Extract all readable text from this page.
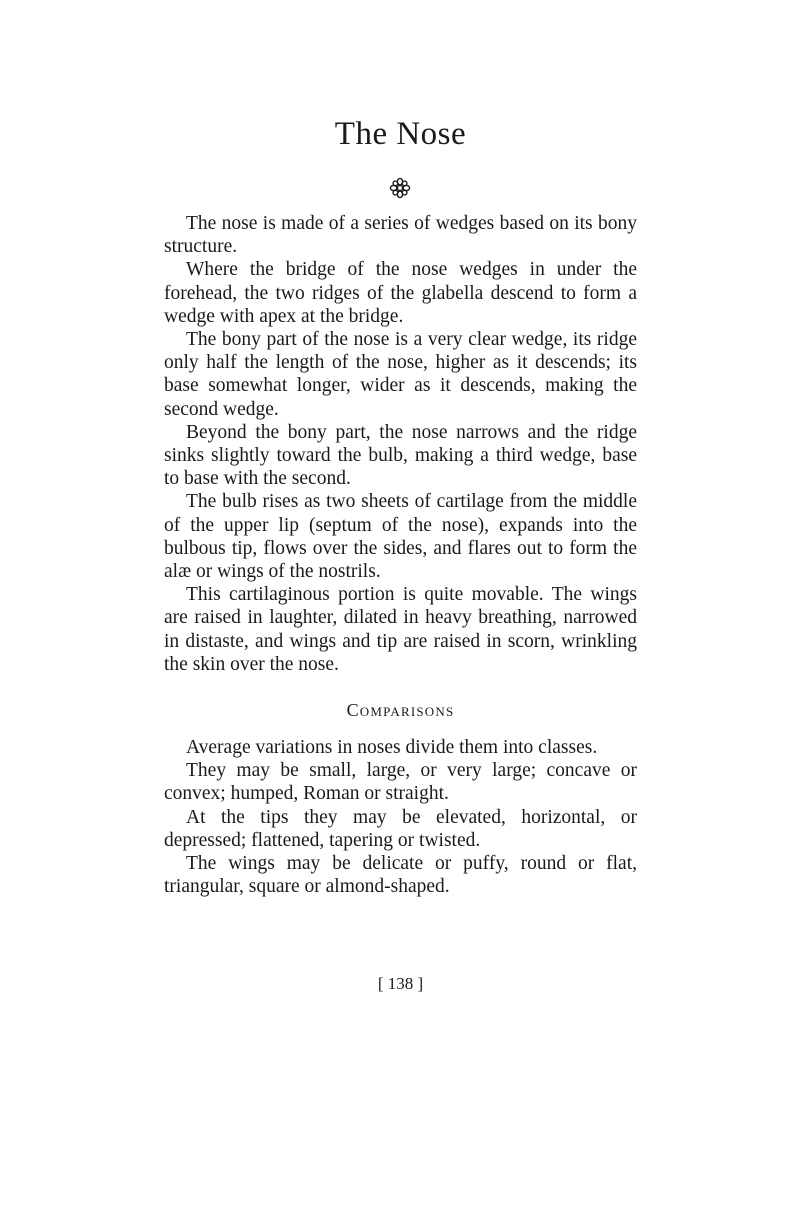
The Nose

The nose is made of a series of wedges based on its bony structure.

Where the bridge of the nose wedges in under the forehead, the two ridges of the glabella descend to form a wedge with apex at the bridge.

The bony part of the nose is a very clear wedge, its ridge only half the length of the nose, higher as it descends; its base somewhat longer, wider as it descends, making the second wedge.

Beyond the bony part, the nose narrows and the ridge sinks slightly toward the bulb, making a third wedge, base to base with the second.

The bulb rises as two sheets of cartilage from the middle of the upper lip (septum of the nose), expands into the bulbous tip, flows over the sides, and flares out to form the alæ or wings of the nostrils.

This cartilaginous portion is quite movable. The wings are raised in laughter, dilated in heavy breathing, narrowed in distaste, and wings and tip are raised in scorn, wrinkling the skin over the nose.

Comparisons

Average variations in noses divide them into classes.

They may be small, large, or very large; concave or convex; humped, Roman or straight.

At the tips they may be elevated, horizontal, or depressed; flattened, tapering or twisted.

The wings may be delicate or puffy, round or flat, triangular, square or almond-shaped.

[ 138 ]
